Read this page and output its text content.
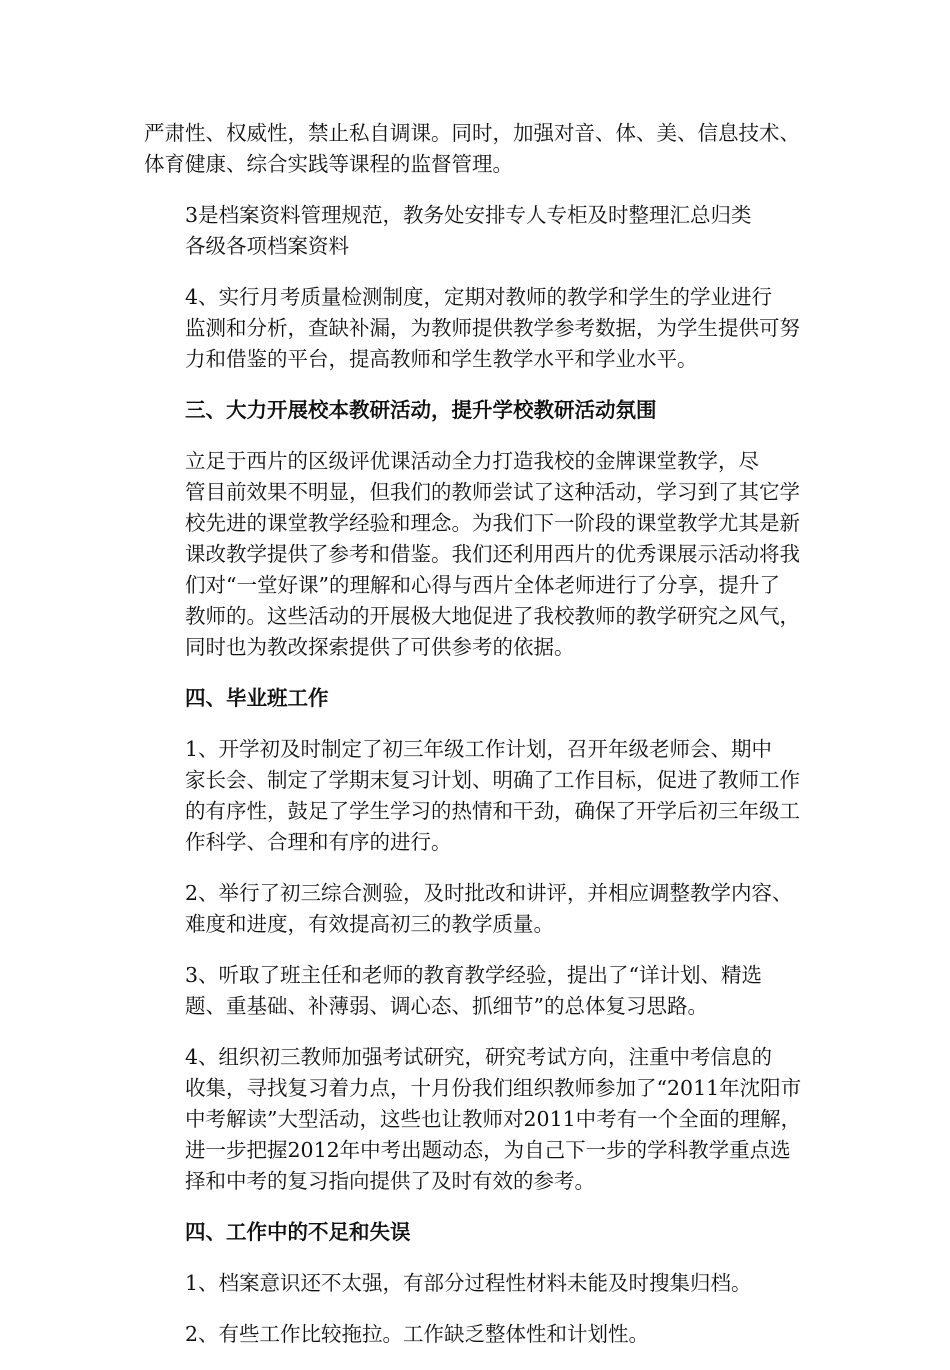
严肃性、权威性，禁止私自调课。同时，加强对音、体、美、信息技术、
体育健康、综合实践等课程的监督管理。

3是档案资料管理规范，教务处安排专人专柜及时整理汇总归类
各级各项档案资料

4、实行月考质量检测制度，定期对教师的教学和学生的学业进行
监测和分析，查缺补漏，为教师提供教学参考数据，为学生提供可努
力和借鉴的平台，提高教师和学生教学水平和学业水平。

三、大力开展校本教研活动，提升学校教研活动氛围

立足于西片的区级评优课活动全力打造我校的金牌课堂教学，尽
管目前效果不明显，但我们的教师尝试了这种活动，学习到了其它学
校先进的课堂教学经验和理念。为我们下一阶段的课堂教学尤其是新
课改教学提供了参考和借鉴。我们还利用西片的优秀课展示活动将我
们对“一堂好课”的理解和心得与西片全体老师进行了分享，提升了
教师的。这些活动的开展极大地促进了我校教师的教学研究之风气，
同时也为教改探索提供了可供参考的依据。

四、毕业班工作

1、开学初及时制定了初三年级工作计划，召开年级老师会、期中
家长会、制定了学期末复习计划、明确了工作目标，促进了教师工作
的有序性，鼓足了学生学习的热情和干劲，确保了开学后初三年级工
作科学、合理和有序的进行。

2、举行了初三综合测验，及时批改和讲评，并相应调整教学内容、
难度和进度，有效提高初三的教学质量。

3、听取了班主任和老师的教育教学经验，提出了“详计划、精选
题、重基础、补薄弱、调心态、抓细节”的总体复习思路。

4、组织初三教师加强考试研究，研究考试方向，注重中考信息的
收集，寻找复习着力点，十月份我们组织教师参加了“2011年沈阳市
中考解读”大型活动，这些也让教师对2011中考有一个全面的理解，
进一步把握2012年中考出题动态，为自己下一步的学科教学重点选
择和中考的复习指向提供了及时有效的参考。

四、工作中的不足和失误

1、档案意识还不太强，有部分过程性材料未能及时搜集归档。

2、有些工作比较拖拉。工作缺乏整体性和计划性。
